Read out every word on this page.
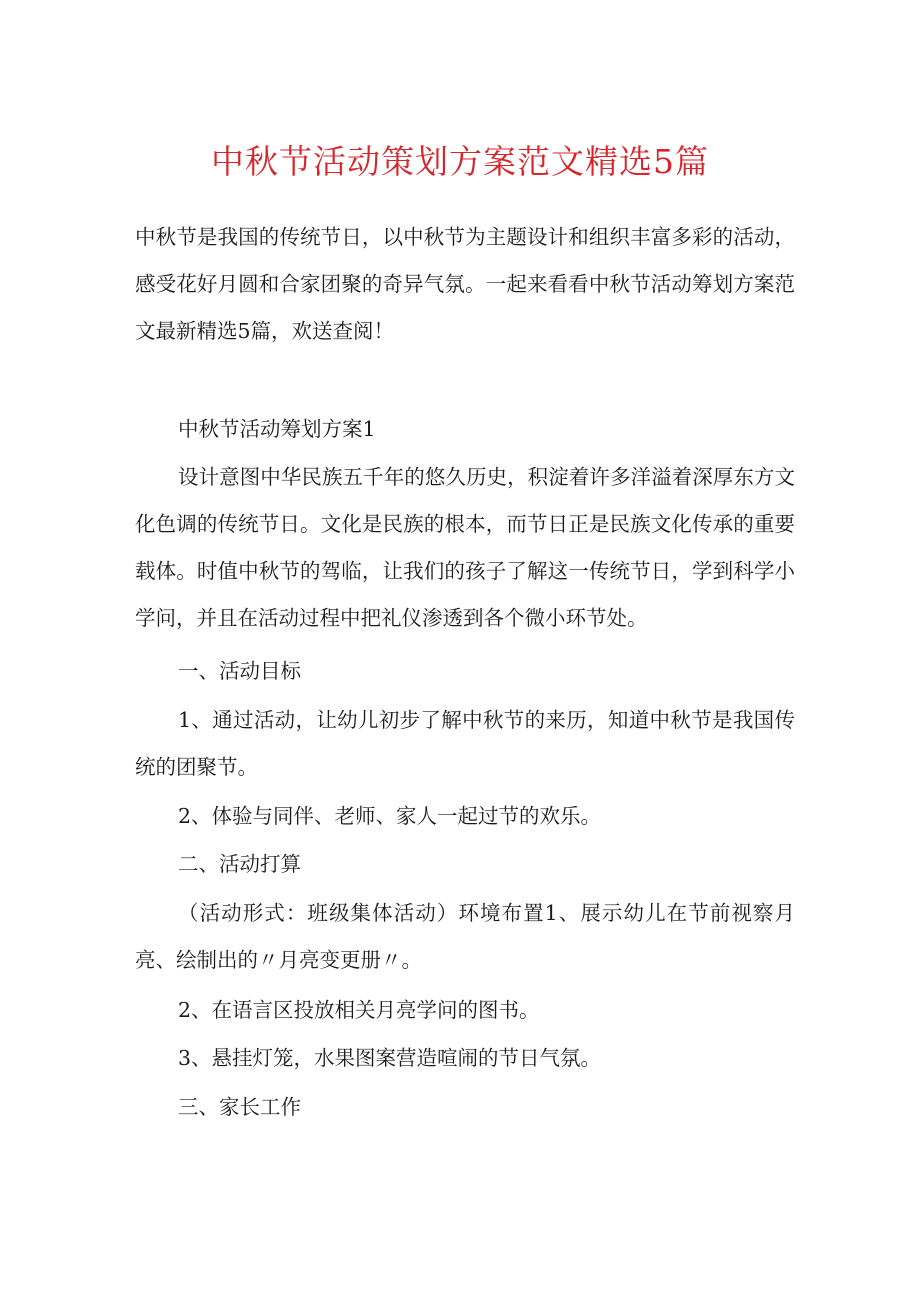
中秋节活动策划方案范文精选5篇

中秋节是我国的传统节日，以中秋节为主题设计和组织丰富多彩的活动，感受花好月圆和合家团聚的奇异气氛。一起来看看中秋节活动筹划方案范文最新精选5篇，欢送查阅！

中秋节活动筹划方案1

设计意图中华民族五千年的悠久历史，积淀着许多洋溢着深厚东方文化色调的传统节日。文化是民族的根本，而节日正是民族文化传承的重要载体。时值中秋节的驾临，让我们的孩子了解这一传统节日，学到科学小学问，并且在活动过程中把礼仪渗透到各个微小环节处。

一、活动目标

1、通过活动，让幼儿初步了解中秋节的来历，知道中秋节是我国传统的团聚节。

2、体验与同伴、老师、家人一起过节的欢乐。

二、活动打算

（活动形式：班级集体活动）环境布置1、展示幼儿在节前视察月亮、绘制出的〃月亮变更册〃。

2、在语言区投放相关月亮学问的图书。

3、悬挂灯笼，水果图案营造喧闹的节日气氛。

三、家长工作
